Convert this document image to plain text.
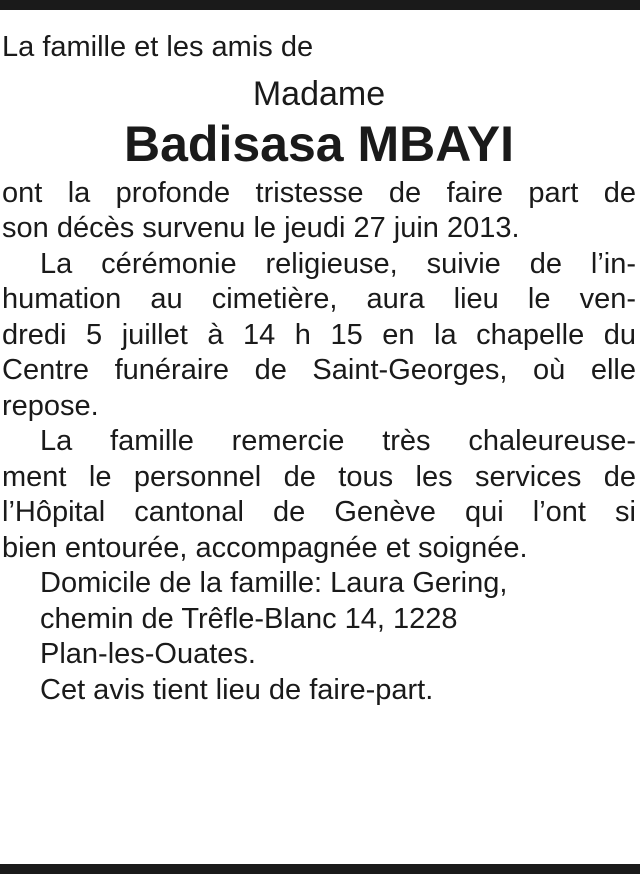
La famille et les amis de

Madame

Badisasa MBAYI

ont la profonde tristesse de faire part de
son décès survenu le jeudi 27 juin 2013.

La cérémonie religieuse, suivie de l’in-
humation au cimetière, aura lieu le ven-
dredi 5 juillet à 14 h 15 en la chapelle du
Centre funéraire de Saint-Georges, où elle
repose.

La famille remercie très chaleureuse-
ment le personnel de tous les services de
l’Hôpital cantonal de Genève qui l’ont si
bien entourée, accompagnée et soignée.

Domicile de la famille: Laura Gering,
chemin de Trêfle-Blanc 14, 1228
Plan-les-Ouates.

Cet avis tient lieu de faire-part.
